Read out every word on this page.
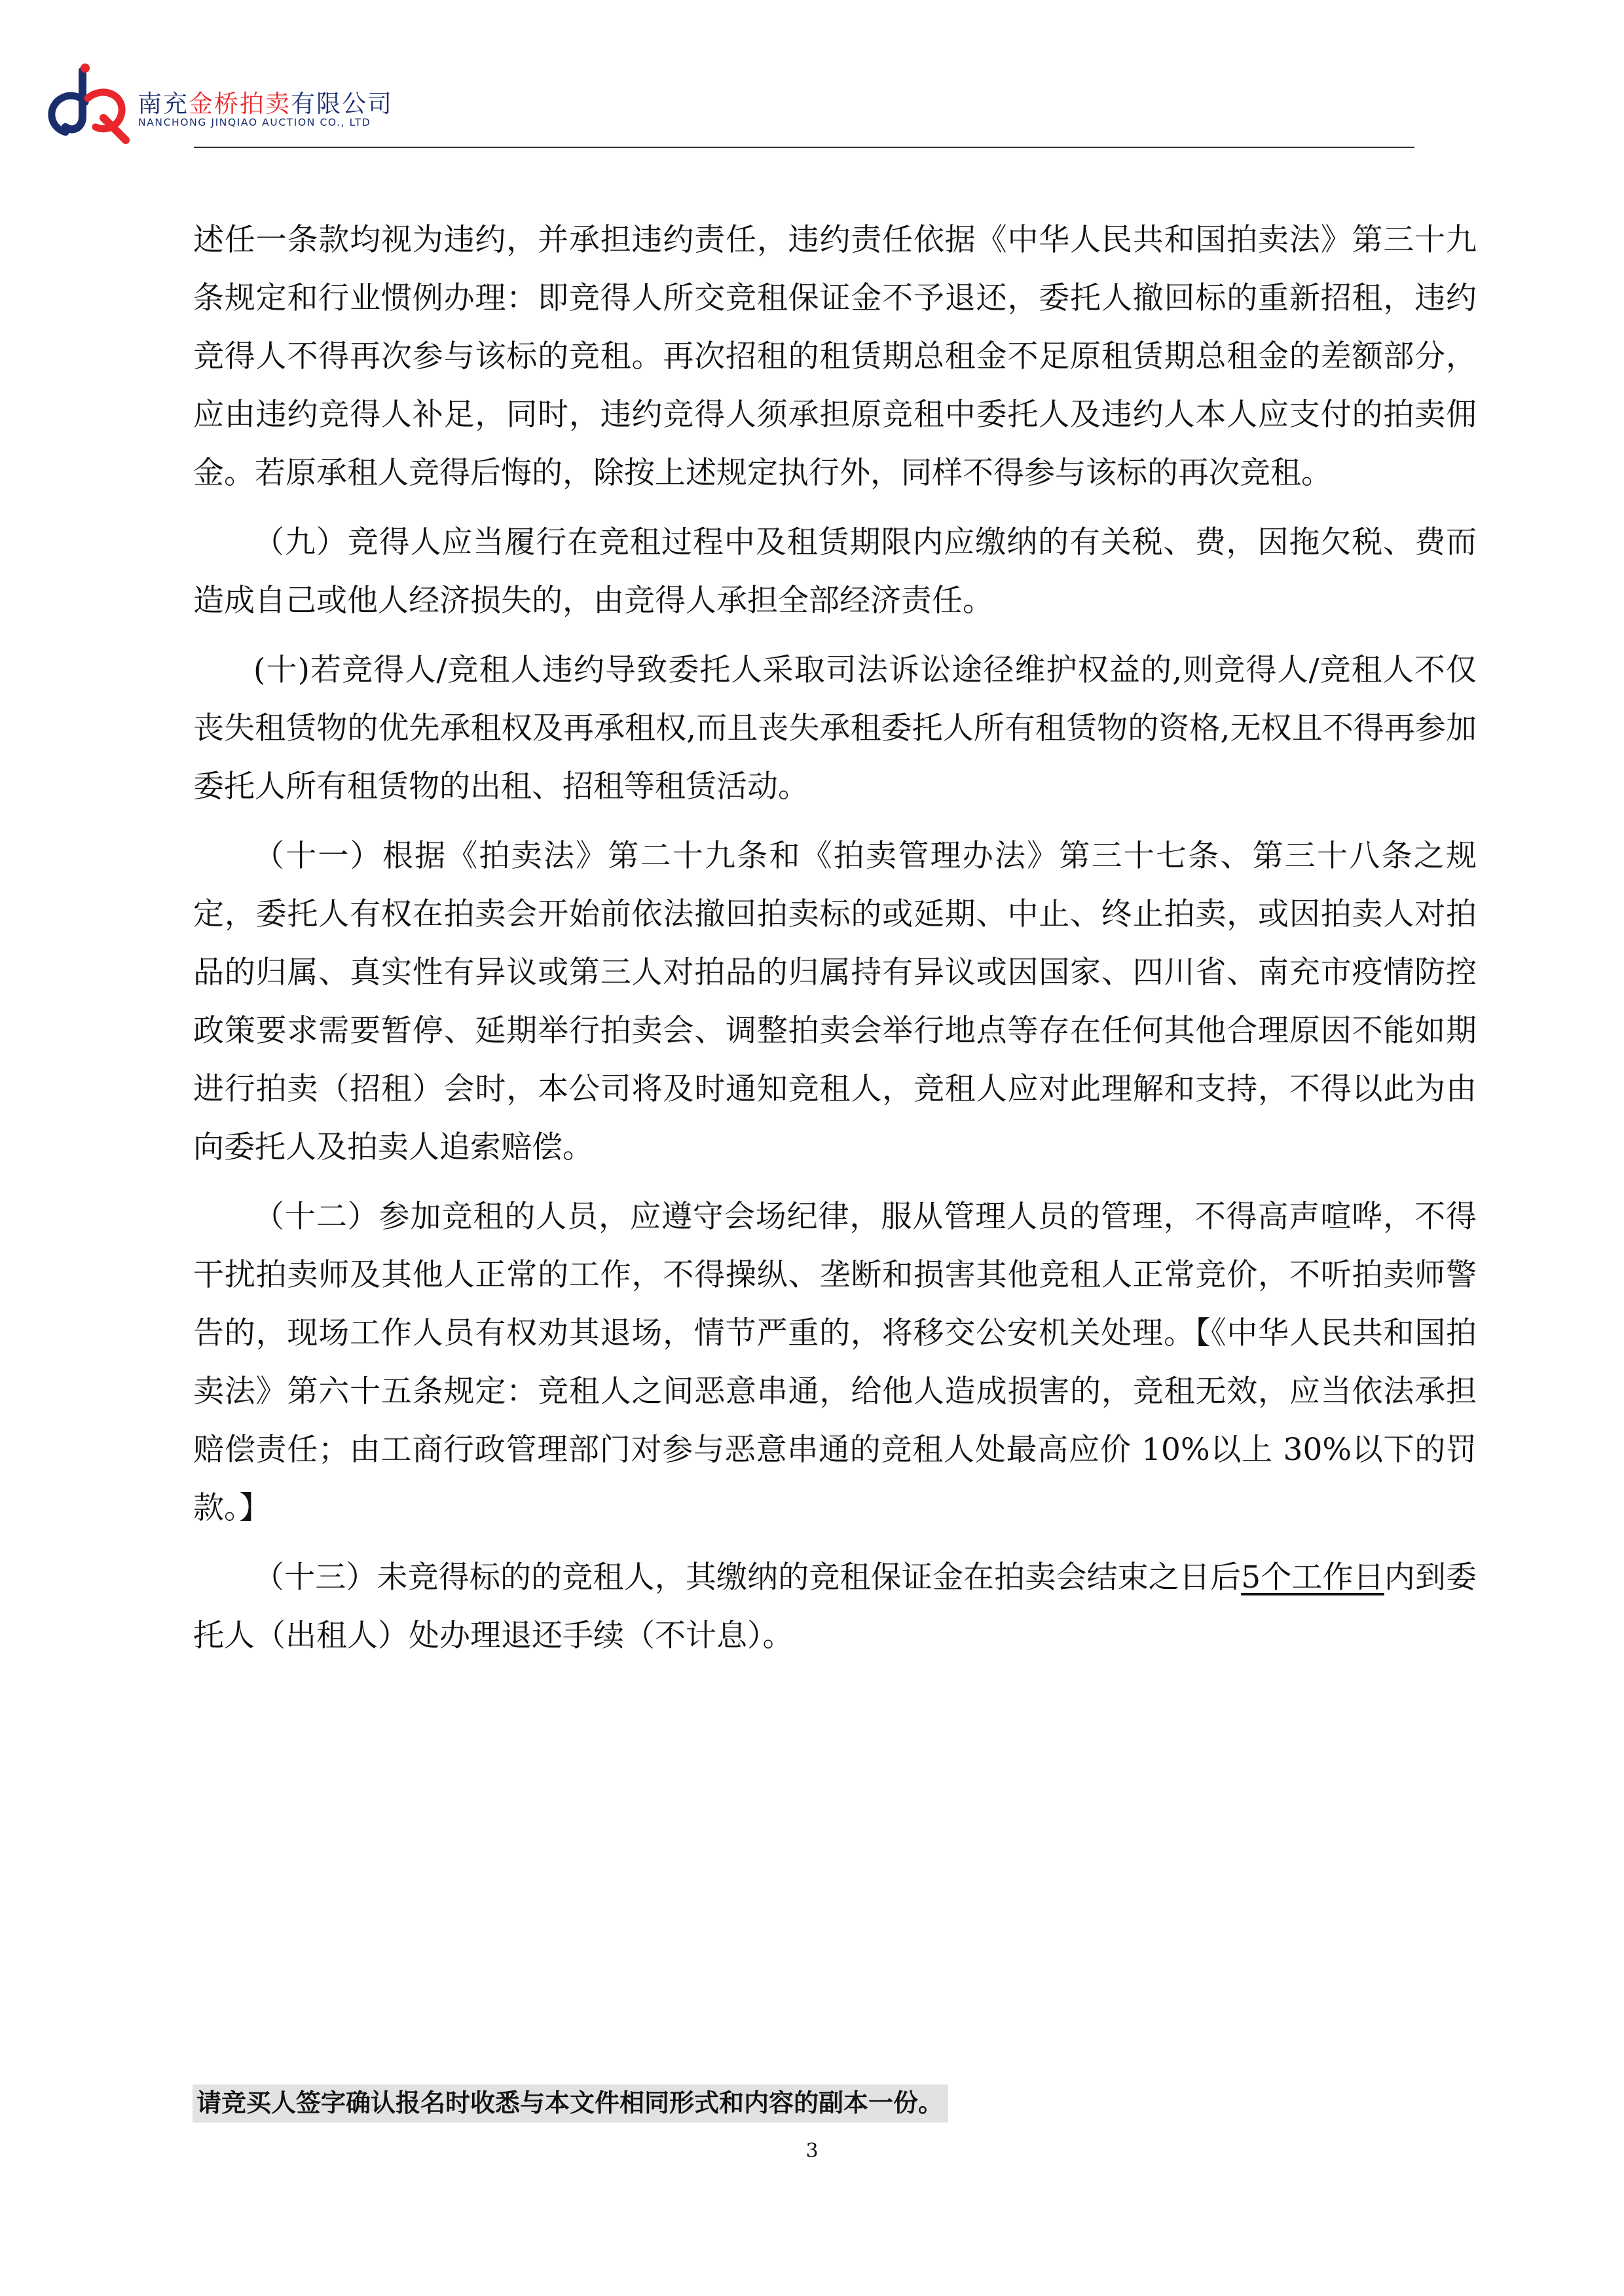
南充金桥拍卖有限公司
NANCHONG JINQIAO AUCTION CO., LTD

述任一条款均视为违约，并承担违约责任，违约责任依据《中华人民共和国拍卖法》第三十九条规定和行业惯例办理：即竞得人所交竞租保证金不予退还，委托人撤回标的重新招租，违约竞得人不得再次参与该标的竞租。再次招租的租赁期总租金不足原租赁期总租金的差额部分，应由违约竞得人补足，同时，违约竞得人须承担原竞租中委托人及违约人本人应支付的拍卖佣金。若原承租人竞得后悔的，除按上述规定执行外，同样不得参与该标的再次竞租。

（九）竞得人应当履行在竞租过程中及租赁期限内应缴纳的有关税、费，因拖欠税、费而造成自己或他人经济损失的，由竞得人承担全部经济责任。

(十)若竞得人/竞租人违约导致委托人采取司法诉讼途径维护权益的,则竞得人/竞租人不仅丧失租赁物的优先承租权及再承租权,而且丧失承租委托人所有租赁物的资格,无权且不得再参加委托人所有租赁物的出租、招租等租赁活动。

（十一）根据《拍卖法》第二十九条和《拍卖管理办法》第三十七条、第三十八条之规定，委托人有权在拍卖会开始前依法撤回拍卖标的或延期、中止、终止拍卖，或因拍卖人对拍品的归属、真实性有异议或第三人对拍品的归属持有异议或因国家、四川省、南充市疫情防控政策要求需要暂停、延期举行拍卖会、调整拍卖会举行地点等存在任何其他合理原因不能如期进行拍卖（招租）会时，本公司将及时通知竞租人，竞租人应对此理解和支持，不得以此为由向委托人及拍卖人追索赔偿。

（十二）参加竞租的人员，应遵守会场纪律，服从管理人员的管理，不得高声喧哗，不得干扰拍卖师及其他人正常的工作，不得操纵、垄断和损害其他竞租人正常竞价，不听拍卖师警告的，现场工作人员有权劝其退场，情节严重的，将移交公安机关处理。【《中华人民共和国拍卖法》第六十五条规定：竞租人之间恶意串通，给他人造成损害的，竞租无效，应当依法承担赔偿责任；由工商行政管理部门对参与恶意串通的竞租人处最高应价 10%以上 30%以下的罚款。】

（十三）未竞得标的的竞租人，其缴纳的竞租保证金在拍卖会结束之日后5个工作日内到委托人（出租人）处办理退还手续（不计息）。

请竞买人签字确认报名时收悉与本文件相同形式和内容的副本一份。
3
